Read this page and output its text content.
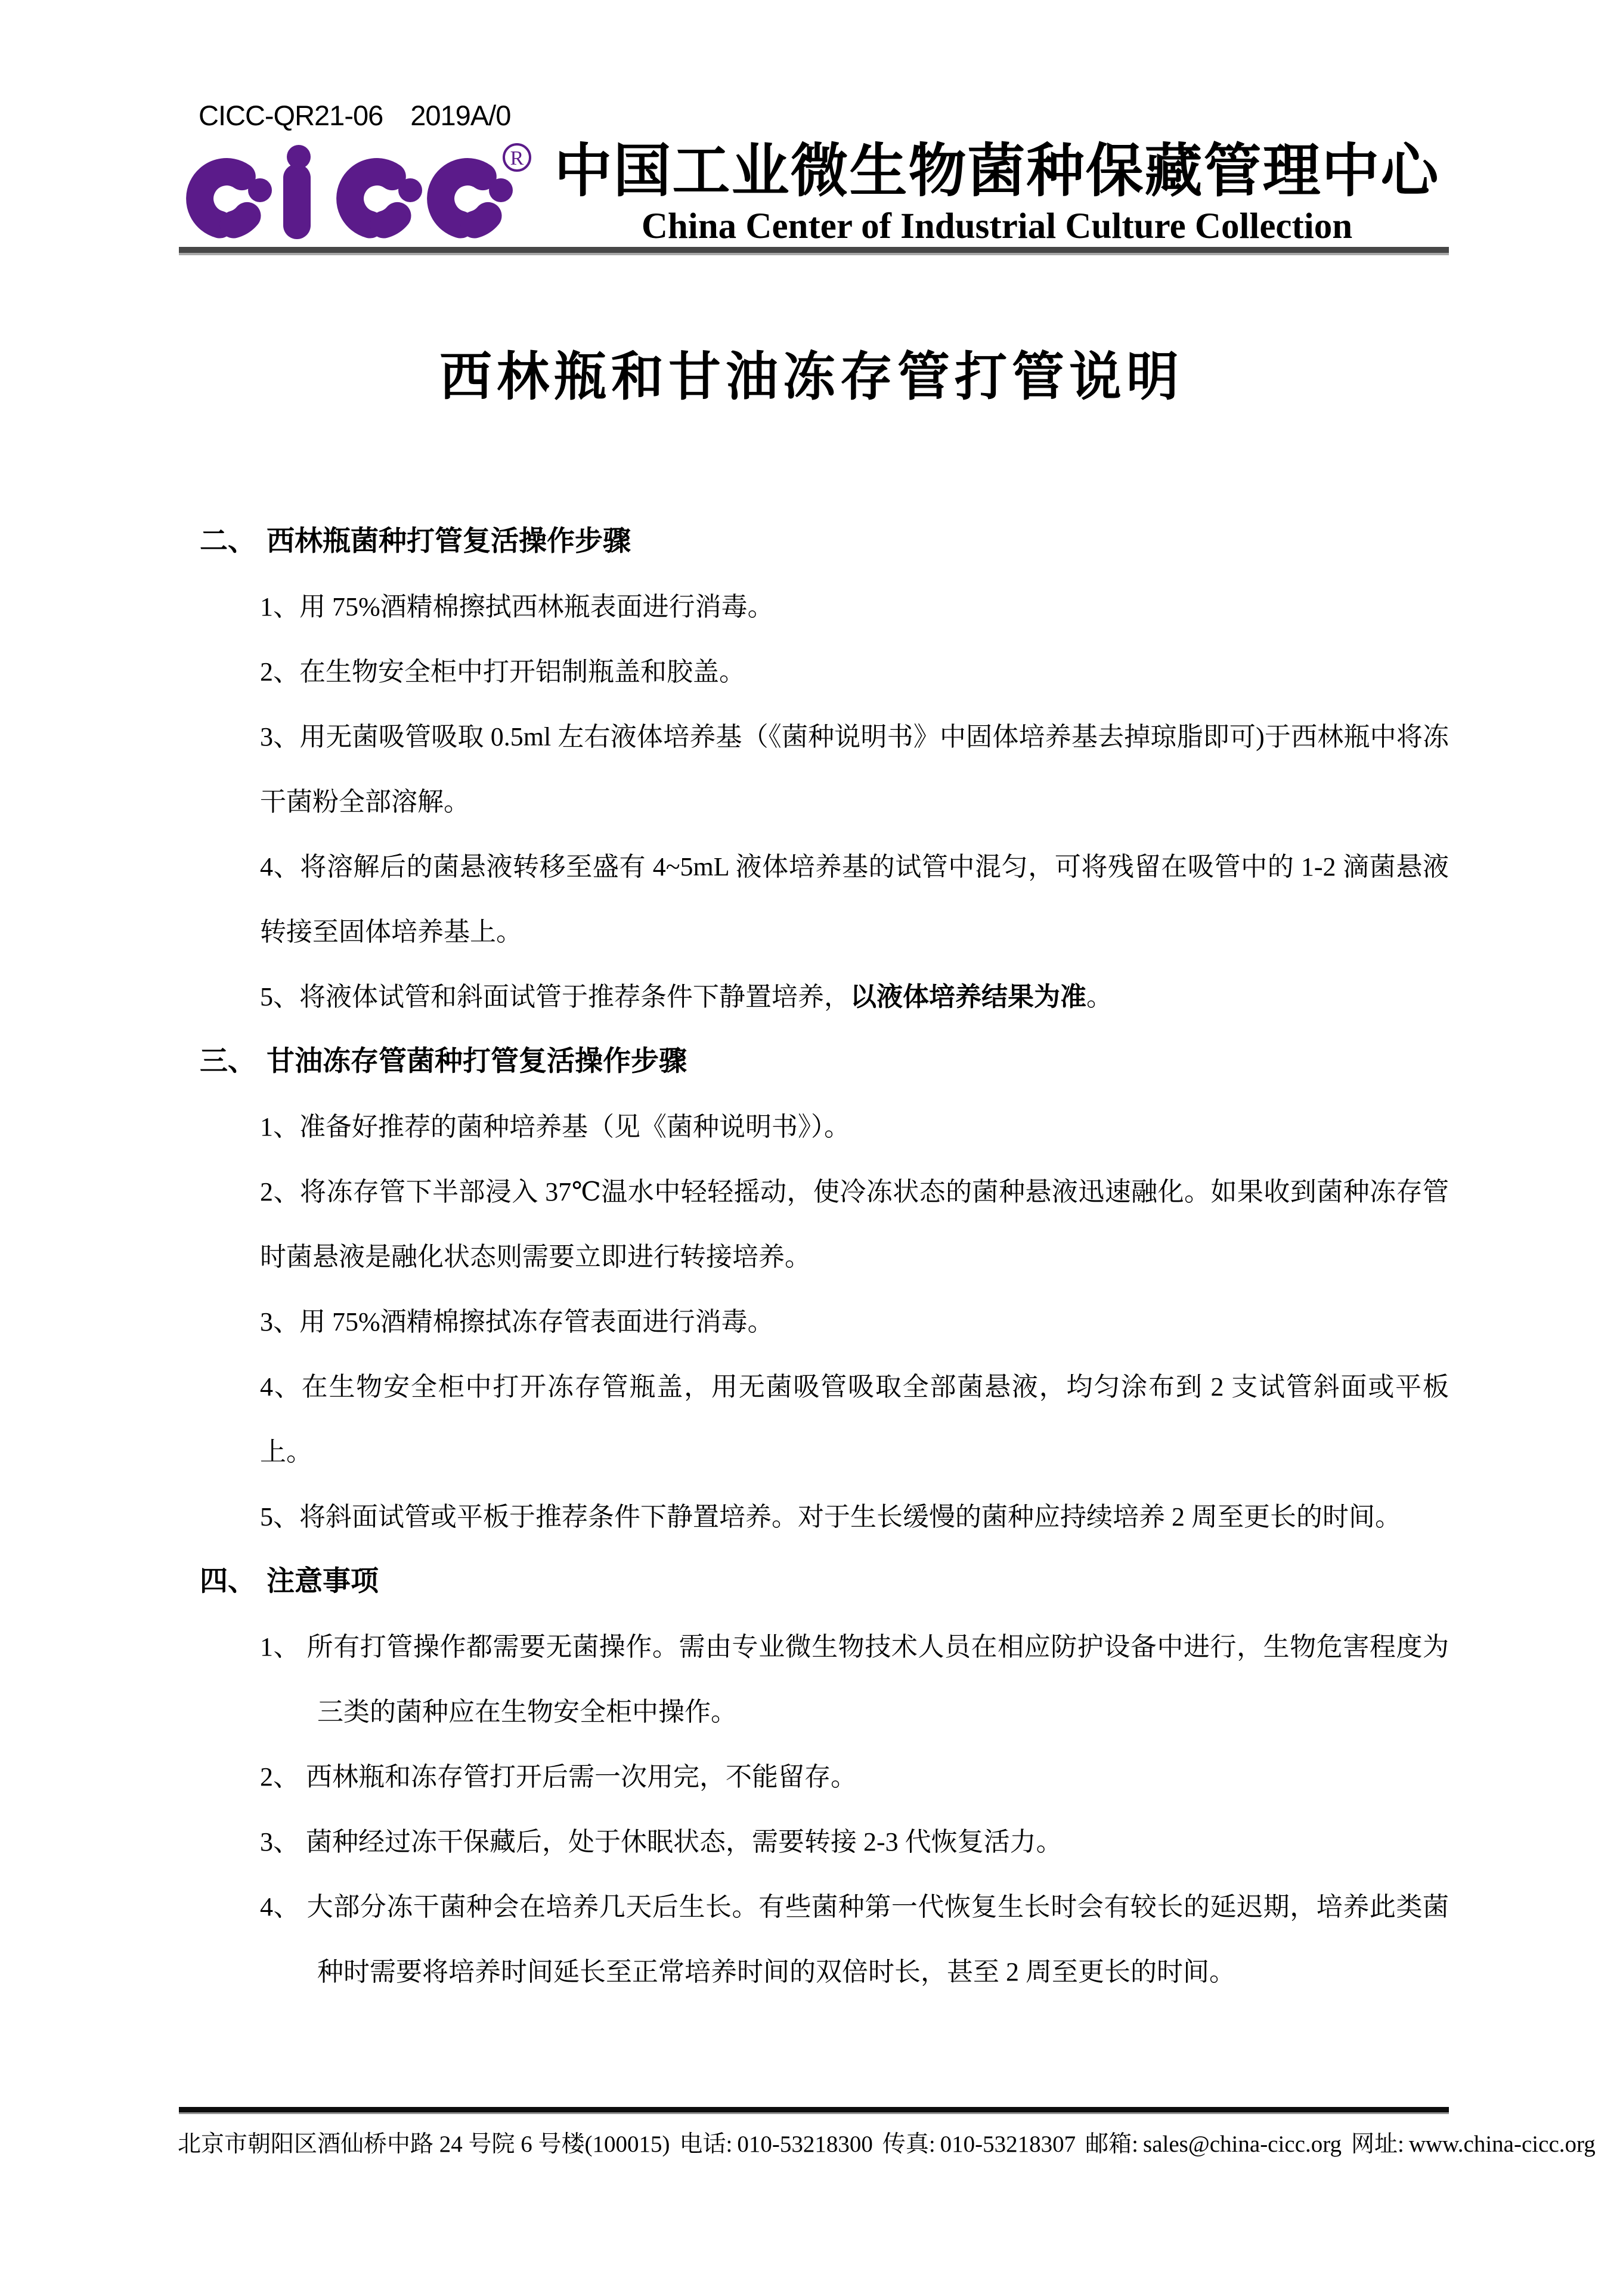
CICC-QR21-06 2019A/0
R 中国工业微生物菌种保藏管理中心
China Center of Industrial Culture Collection
西林瓶和甘油冻存管打管说明
二、 西林瓶菌种打管复活操作步骤

1、用 75%酒精棉擦拭西林瓶表面进行消毒。

2、在生物安全柜中打开铝制瓶盖和胶盖。

3、用无菌吸管吸取 0.5ml 左右液体培养基（《菌种说明书》中固体培养基去掉琼脂即可)于西林瓶中将冻干菌粉全部溶解。

4、将溶解后的菌悬液转移至盛有 4~5mL 液体培养基的试管中混匀，可将残留在吸管中的 1-2 滴菌悬液转接至固体培养基上。

5、将液体试管和斜面试管于推荐条件下静置培养，以液体培养结果为准。

三、 甘油冻存管菌种打管复活操作步骤

1、准备好推荐的菌种培养基（见《菌种说明书》）。

2、将冻存管下半部浸入 37℃温水中轻轻摇动，使冷冻状态的菌种悬液迅速融化。如果收到菌种冻存管时菌悬液是融化状态则需要立即进行转接培养。

3、用 75%酒精棉擦拭冻存管表面进行消毒。

4、在生物安全柜中打开冻存管瓶盖，用无菌吸管吸取全部菌悬液，均匀涂布到 2 支试管斜面或平板上。

5、将斜面试管或平板于推荐条件下静置培养。对于生长缓慢的菌种应持续培养 2 周至更长的时间。

四、 注意事项

1、 所有打管操作都需要无菌操作。需由专业微生物技术人员在相应防护设备中进行，生物危害程度为三类的菌种应在生物安全柜中操作。

2、 西林瓶和冻存管打开后需一次用完，不能留存。

3、 菌种经过冻干保藏后，处于休眠状态，需要转接 2-3 代恢复活力。

4、 大部分冻干菌种会在培养几天后生长。有些菌种第一代恢复生长时会有较长的延迟期，培养此类菌种时需要将培养时间延长至正常培养时间的双倍时长，甚至 2 周至更长的时间。

北京市朝阳区酒仙桥中路 24 号院 6 号楼(100015) 电话: 010-53218300 传真: 010-53218307 邮箱: sales@china-cicc.org 网址: www.china-cicc.org
